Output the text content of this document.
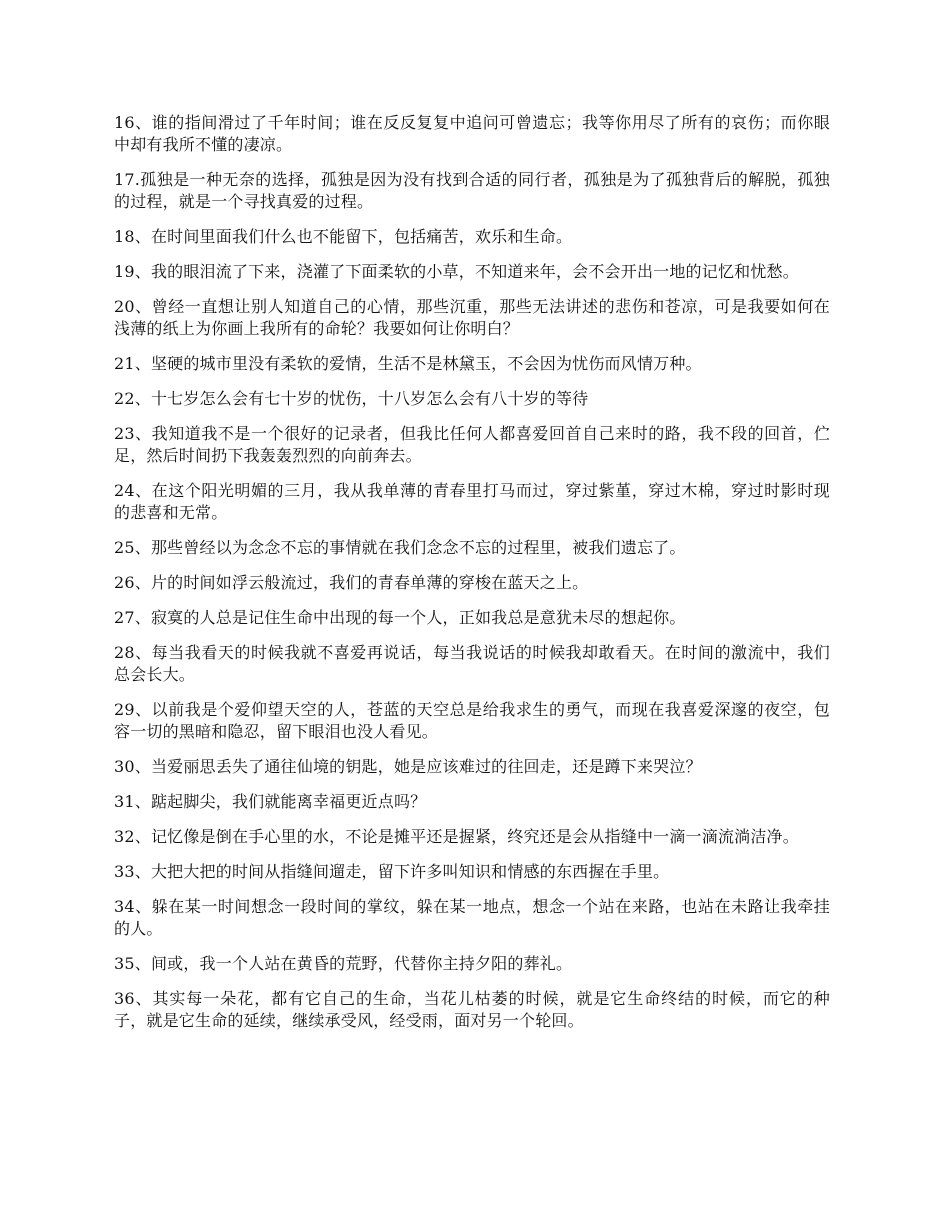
16、谁的指间滑过了千年时间；谁在反反复复中追问可曾遗忘；我等你用尽了所有的哀伤；而你眼中却有我所不懂的凄凉。

17.孤独是一种无奈的选择，孤独是因为没有找到合适的同行者，孤独是为了孤独背后的解脱，孤独的过程，就是一个寻找真爱的过程。

18、在时间里面我们什么也不能留下，包括痛苦，欢乐和生命。

19、我的眼泪流了下来，浇灌了下面柔软的小草，不知道来年，会不会开出一地的记忆和忧愁。

20、曾经一直想让别人知道自己的心情，那些沉重，那些无法讲述的悲伤和苍凉，可是我要如何在浅薄的纸上为你画上我所有的命轮？我要如何让你明白？

21、坚硬的城市里没有柔软的爱情，生活不是林黛玉，不会因为忧伤而风情万种。

22、十七岁怎么会有七十岁的忧伤，十八岁怎么会有八十岁的等待

23、我知道我不是一个很好的记录者，但我比任何人都喜爱回首自己来时的路，我不段的回首，伫足，然后时间扔下我轰轰烈烈的向前奔去。

24、在这个阳光明媚的三月，我从我单薄的青春里打马而过，穿过紫堇，穿过木棉，穿过时影时现的悲喜和无常。

25、那些曾经以为念念不忘的事情就在我们念念不忘的过程里，被我们遗忘了。

26、片的时间如浮云般流过，我们的青春单薄的穿梭在蓝天之上。

27、寂寞的人总是记住生命中出现的每一个人，正如我总是意犹未尽的想起你。

28、每当我看天的时候我就不喜爱再说话，每当我说话的时候我却敢看天。在时间的激流中，我们总会长大。

29、以前我是个爱仰望天空的人，苍蓝的天空总是给我求生的勇气，而现在我喜爱深邃的夜空，包容一切的黑暗和隐忍，留下眼泪也没人看见。

30、当爱丽思丢失了通往仙境的钥匙，她是应该难过的往回走，还是蹲下来哭泣？

31、踮起脚尖，我们就能离幸福更近点吗？

32、记忆像是倒在手心里的水，不论是摊平还是握紧，终究还是会从指缝中一滴一滴流淌洁净。

33、大把大把的时间从指缝间遛走，留下许多叫知识和情感的东西握在手里。

34、躲在某一时间想念一段时间的掌纹，躲在某一地点，想念一个站在来路，也站在未路让我牵挂的人。

35、间或，我一个人站在黄昏的荒野，代替你主持夕阳的葬礼。

36、其实每一朵花，都有它自己的生命，当花儿枯萎的时候，就是它生命终结的时候，而它的种子，就是它生命的延续，继续承受风，经受雨，面对另一个轮回。
